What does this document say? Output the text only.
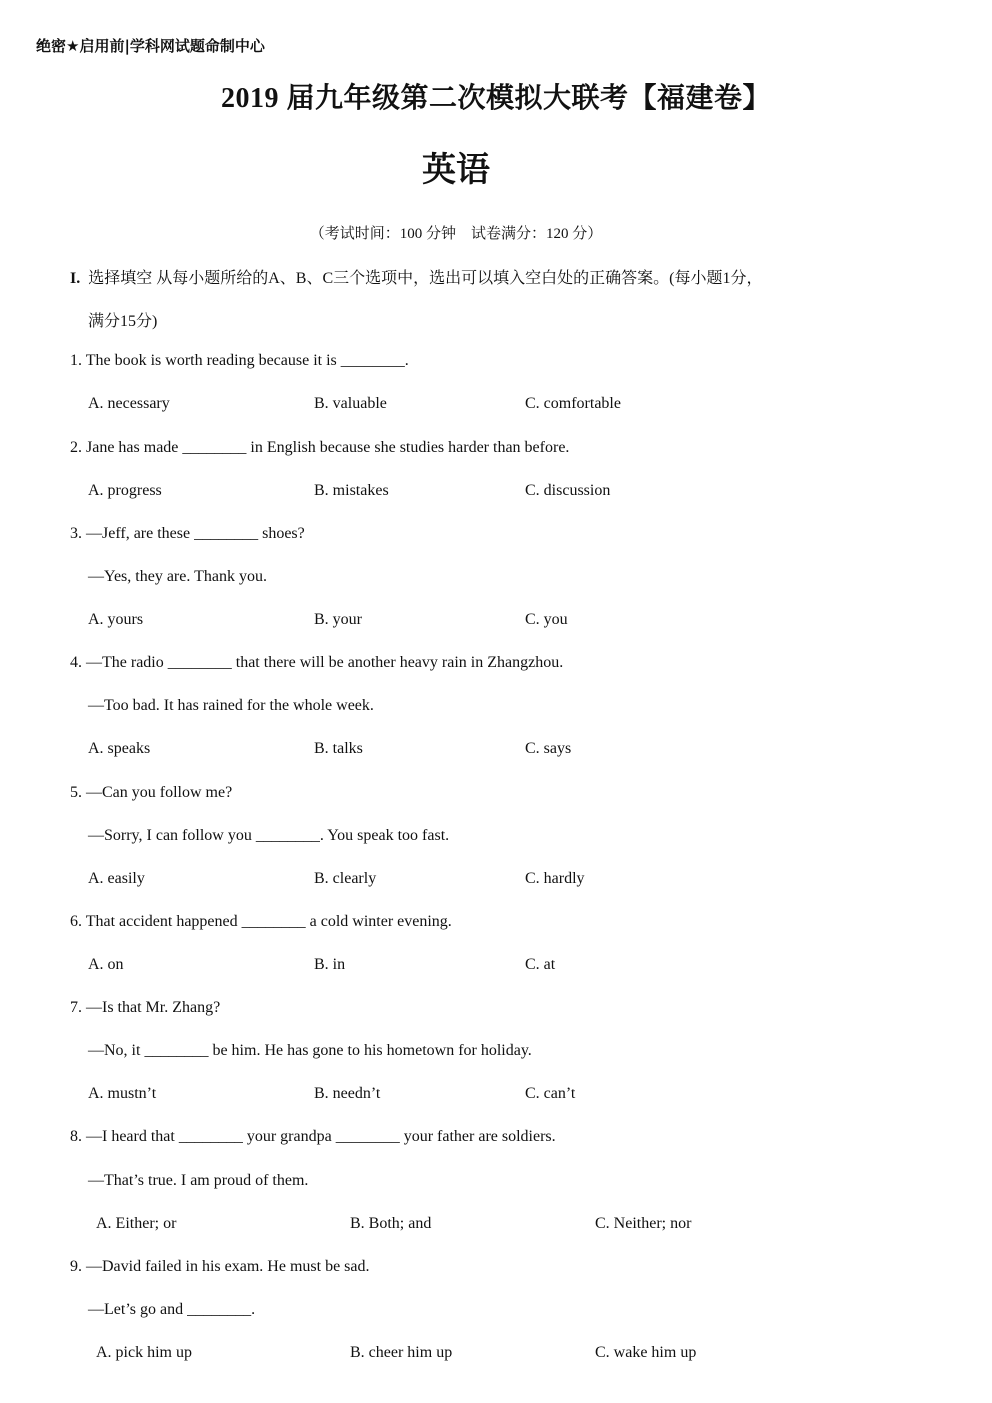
绝密★启用前|学科网试题命制中心
2019 届九年级第二次模拟大联考【福建卷】
英语
（考试时间：100 分钟　试卷满分：120 分）
I. 选择填空 从每小题所给的A、B、C三个选项中，选出可以填入空白处的正确答案。(每小题1分，
满分15分)
1. The book is worth reading because it is ________.
A. necessary	B. valuable	C. comfortable
2. Jane has made ________ in English because she studies harder than before.
A. progress	B. mistakes	C. discussion
3. —Jeff, are these ________ shoes?
—Yes, they are. Thank you.
A. yours	B. your	C. you
4. —The radio ________ that there will be another heavy rain in Zhangzhou.
—Too bad. It has rained for the whole week.
A. speaks	B. talks	C. says
5. —Can you follow me?
—Sorry, I can follow you ________. You speak too fast.
A. easily	B. clearly	C. hardly
6. That accident happened ________ a cold winter evening.
A. on	B. in	C. at
7. —Is that Mr. Zhang?
—No, it ________ be him. He has gone to his hometown for holiday.
A. mustn’t	B. needn’t	C. can’t
8. —I heard that ________ your grandpa ________ your father are soldiers.
—That’s true. I am proud of them.
A. Either; or	B. Both; and	C. Neither; nor
9. —David failed in his exam. He must be sad.
—Let’s go and ________.
A. pick him up	B. cheer him up	C. wake him up
